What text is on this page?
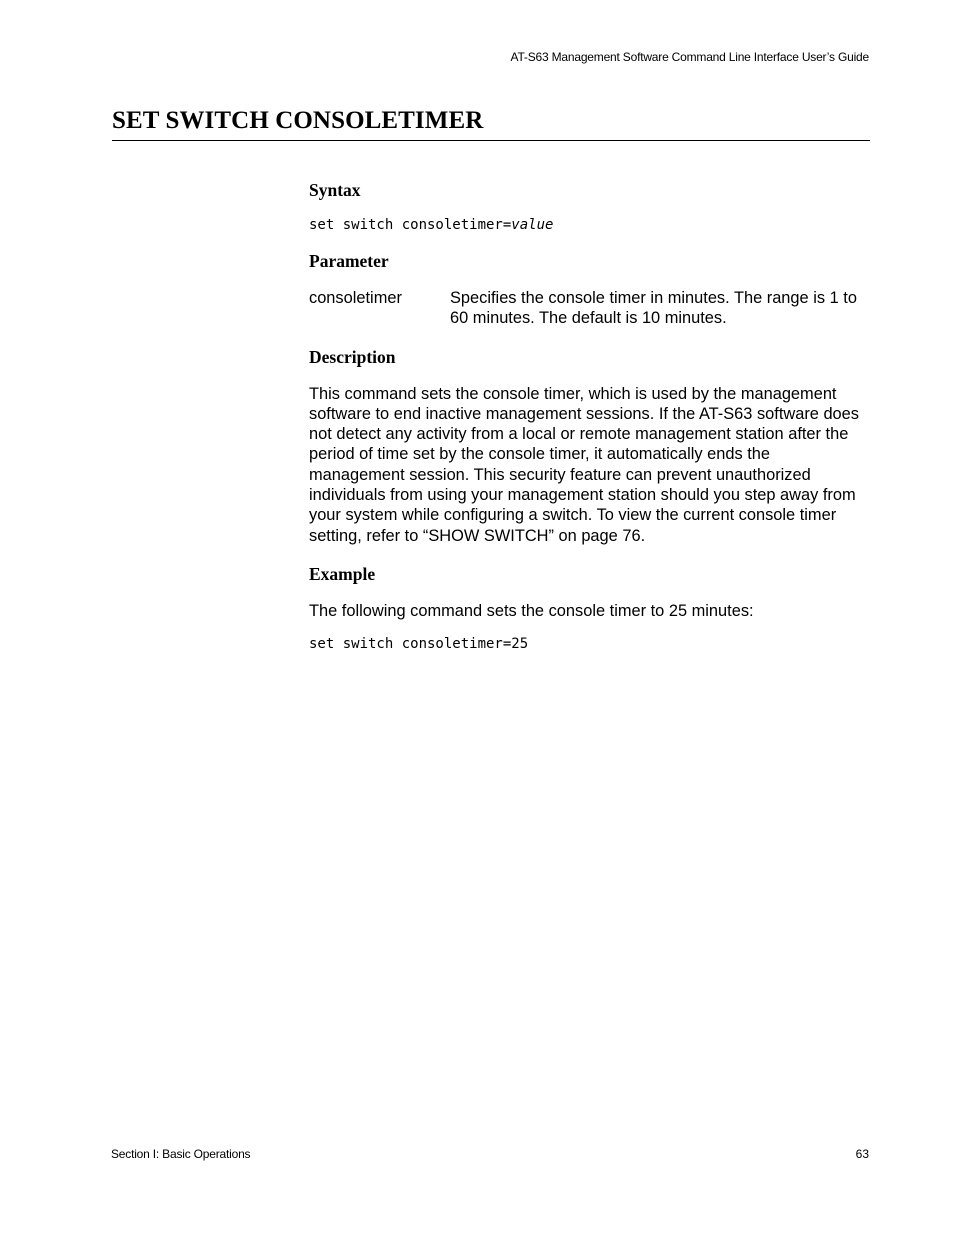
AT-S63 Management Software Command Line Interface User’s Guide
SET SWITCH CONSOLETIMER
Syntax

set switch consoletimer=value

Parameter
consoletimer	Specifies the console timer in minutes. The range is 1 to 60 minutes. The default is 10 minutes.
Description

This command sets the console timer, which is used by the management software to end inactive management sessions. If the AT-S63 software does not detect any activity from a local or remote management station after the period of time set by the console timer, it automatically ends the management session. This security feature can prevent unauthorized individuals from using your management station should you step away from your system while configuring a switch. To view the current console timer setting, refer to “SHOW SWITCH” on page 76.

Example

The following command sets the console timer to 25 minutes:

set switch consoletimer=25

Section I: Basic Operations	63
